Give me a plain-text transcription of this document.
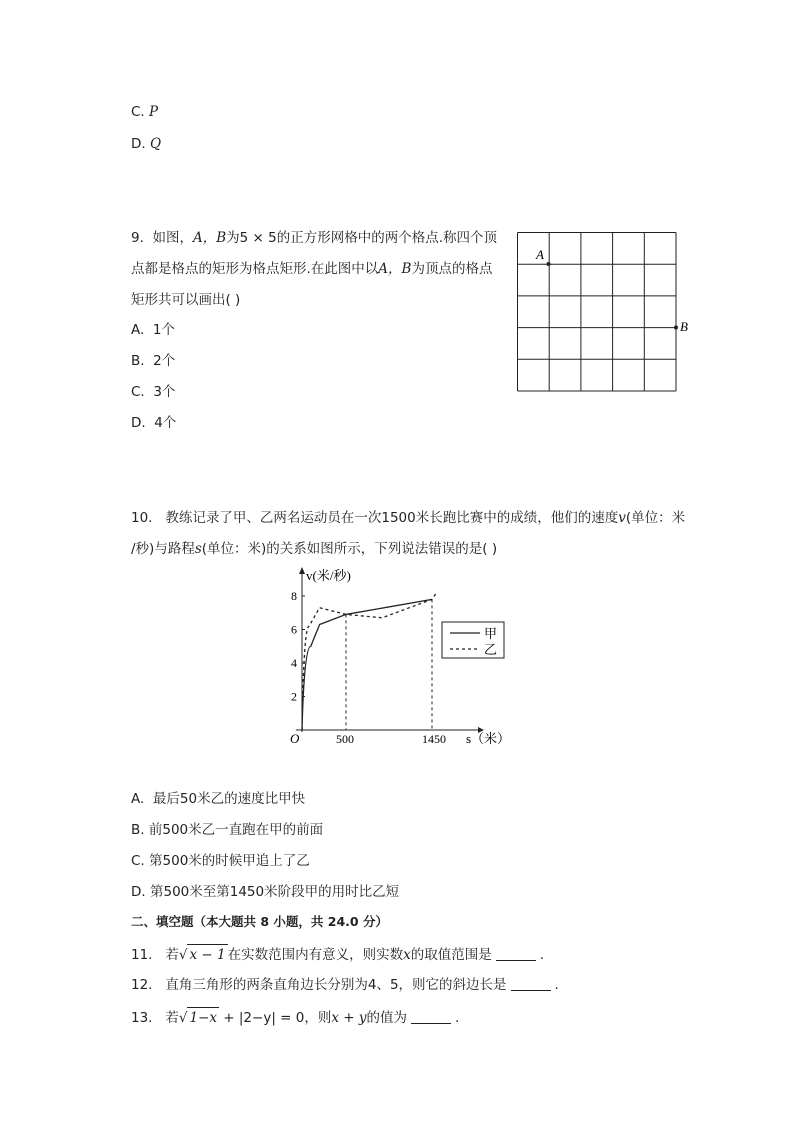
C. P
D. Q
9. 如图，A，B为5 × 5的正方形网格中的两个格点.称四个顶
点都是格点的矩形为格点矩形.在此图中以A，B为顶点的格点
矩形共可以画出( )
A. 1个
B. 2个
C. 3个
D. 4个
A
B
10. 教练记录了甲、乙两名运动员在一次1500米长跑比赛中的成绩，他们的速度v(单位：米
/秒)与路程s(单位：米)的关系如图所示，下列说法错误的是( )
2
4
6
8
500	1450
O
v(米/秒)
s（米）
甲
乙
A. 最后50米乙的速度比甲快
B. 前500米乙一直跑在甲的前面
C. 第500米的时候甲追上了乙
D. 第500米至第1450米阶段甲的用时比乙短
二、填空题（本大题共 8 小题，共 24.0 分）
11. 若√ x − 1 在实数范围内有意义，则实数x的取值范围是	.
12. 直角三角形的两条直角边长分别为4、5，则它的斜边长是	.
13. 若√ 1−x + |2−y| = 0，则x + y的值为	.
